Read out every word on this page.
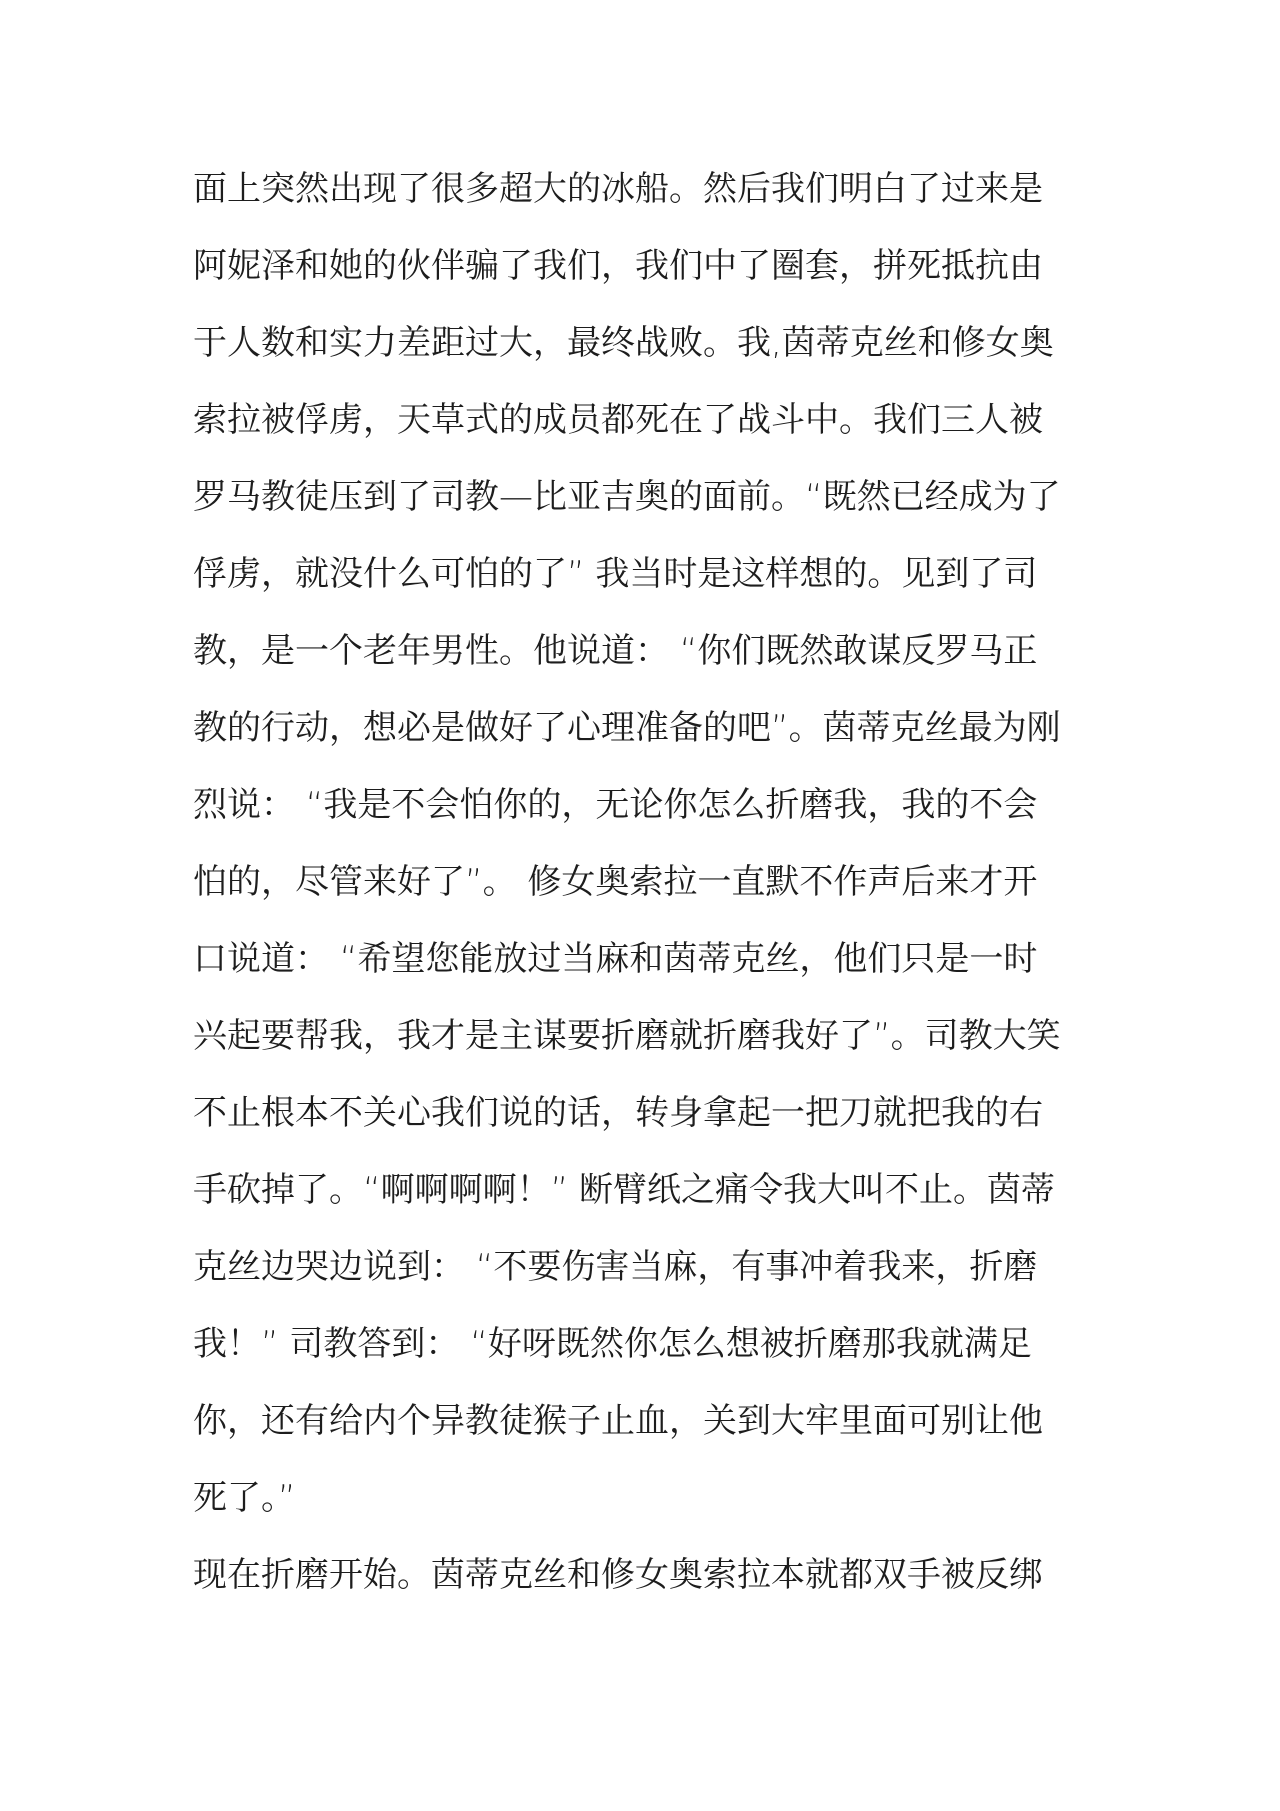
面上突然出现了很多超大的冰船。然后我们明白了过来是
阿妮泽和她的伙伴骗了我们，我们中了圈套，拼死抵抗由
于人数和实力差距过大，最终战败。我,茵蒂克丝和修女奥
索拉被俘虏，天草式的成员都死在了战斗中。我们三人被
罗马教徒压到了司教—比亚吉奥的面前。“既然已经成为了
俘虏，就没什么可怕的了” 我当时是这样想的。见到了司
教，是一个老年男性。他说道： “你们既然敢谋反罗马正
教的行动，想必是做好了心理准备的吧”。茵蒂克丝最为刚
烈说： “我是不会怕你的，无论你怎么折磨我，我的不会
怕的，尽管来好了”。 修女奥索拉一直默不作声后来才开
口说道： “希望您能放过当麻和茵蒂克丝，他们只是一时
兴起要帮我，我才是主谋要折磨就折磨我好了”。司教大笑
不止根本不关心我们说的话，转身拿起一把刀就把我的右
手砍掉了。“啊啊啊啊！” 断臂纸之痛令我大叫不止。茵蒂
克丝边哭边说到： “不要伤害当麻，有事冲着我来，折磨
我！” 司教答到： “好呀既然你怎么想被折磨那我就满足
你，还有给内个异教徒猴子止血，关到大牢里面可别让他
死了。”
现在折磨开始。茵蒂克丝和修女奥索拉本就都双手被反绑
